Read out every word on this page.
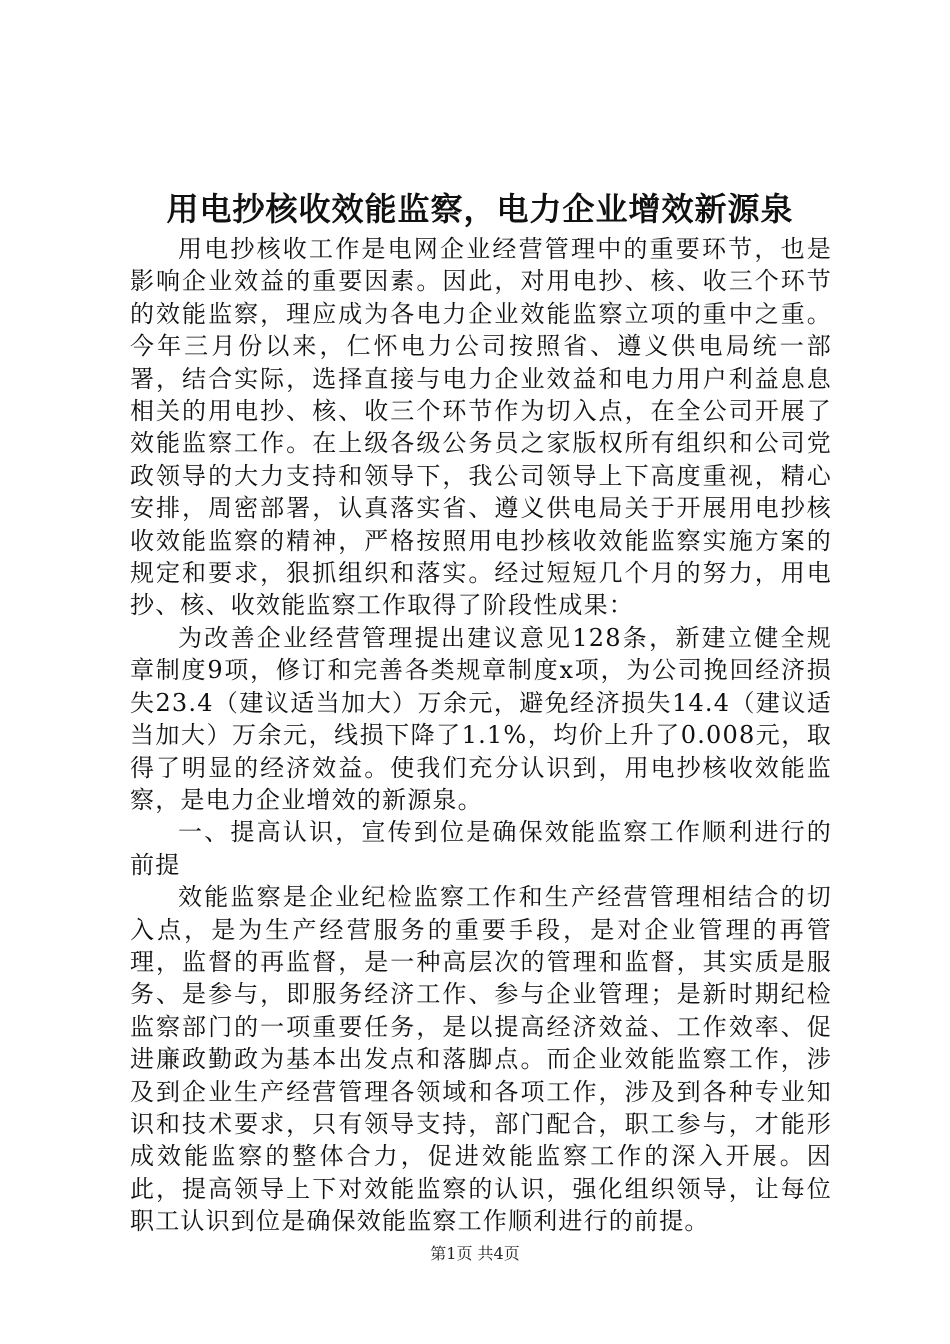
用电抄核收效能监察，电力企业增效新源泉

用电抄核收工作是电网企业经营管理中的重要环节，也是影响企业效益的重要因素。因此，对用电抄、核、收三个环节的效能监察，理应成为各电力企业效能监察立项的重中之重。今年三月份以来，仁怀电力公司按照省、遵义供电局统一部署，结合实际，选择直接与电力企业效益和电力用户利益息息相关的用电抄、核、收三个环节作为切入点，在全公司开展了效能监察工作。在上级各级公务员之家版权所有组织和公司党政领导的大力支持和领导下，我公司领导上下高度重视，精心安排，周密部署，认真落实省、遵义供电局关于开展用电抄核收效能监察的精神，严格按照用电抄核收效能监察实施方案的规定和要求，狠抓组织和落实。经过短短几个月的努力，用电抄、核、收效能监察工作取得了阶段性成果：

为改善企业经营管理提出建议意见128条，新建立健全规章制度9项，修订和完善各类规章制度x项，为公司挽回经济损失23.4（建议适当加大）万余元，避免经济损失14.4（建议适当加大）万余元，线损下降了1.1%，均价上升了0.008元，取得了明显的经济效益。使我们充分认识到，用电抄核收效能监察，是电力企业增效的新源泉。

一、提高认识，宣传到位是确保效能监察工作顺利进行的前提

效能监察是企业纪检监察工作和生产经营管理相结合的切入点，是为生产经营服务的重要手段，是对企业管理的再管理，监督的再监督，是一种高层次的管理和监督，其实质是服务、是参与，即服务经济工作、参与企业管理；是新时期纪检监察部门的一项重要任务，是以提高经济效益、工作效率、促进廉政勤政为基本出发点和落脚点。而企业效能监察工作，涉及到企业生产经营管理各领域和各项工作，涉及到各种专业知识和技术要求，只有领导支持，部门配合，职工参与，才能形成效能监察的整体合力，促进效能监察工作的深入开展。因此，提高领导上下对效能监察的认识，强化组织领导，让每位职工认识到位是确保效能监察工作顺利进行的前提。

第1页 共4页
